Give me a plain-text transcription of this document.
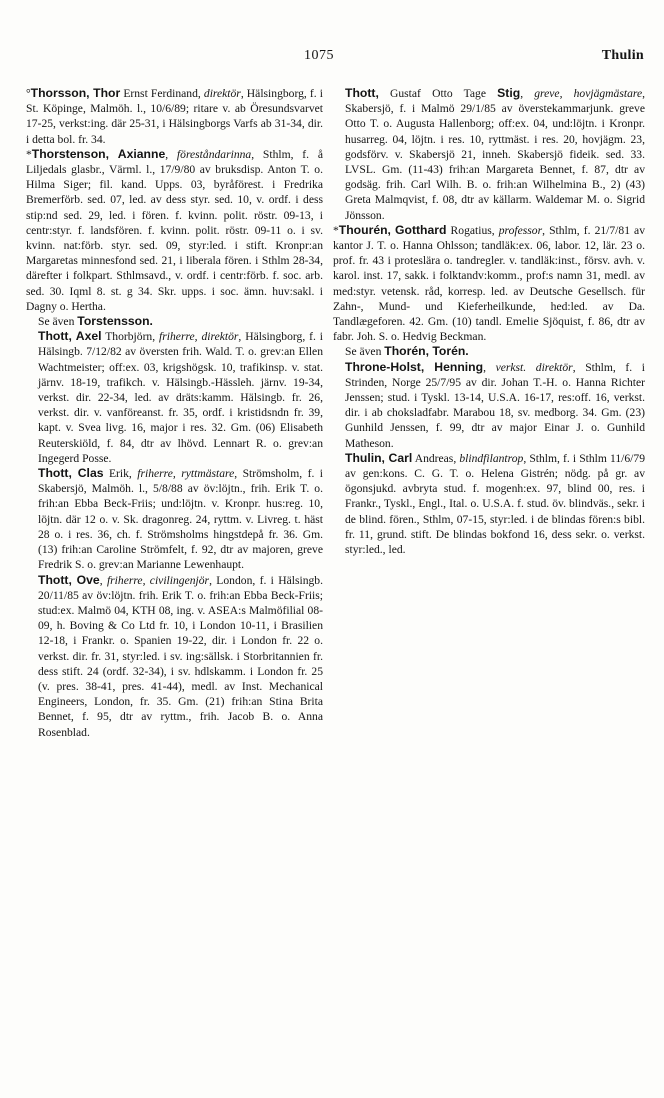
1075	Thulin

°Thorsson, Thor Ernst Ferdinand, direktör, Hälsingborg, f. i St. Köpinge, Malmöh. l., 10/6/89; ritare v. ab Öresundsvarvet 17-25, verkst:ing. där 25-31, i Hälsingborgs Varfs ab 31-34, dir. i detta bol. fr. 34.

*Thorstenson, Axianne, föreståndarinna, Sthlm, f. å Liljedals glasbr., Värml. l., 17/9/80 av bruksdisp. Anton T. o. Hilma Siger; fil. kand. Upps. 03, byråförest. i Fredrika Bremerförb. sed. 07, led. av dess styr. sed. 10, v. ordf. i dess stip:nd sed. 29, led. i fören. f. kvinn. polit. röstr. 09-13, i centr:styr. f. landsfören. f. kvinn. polit. röstr. 09-11 o. i sv. kvinn. nat:förb. styr. sed. 09, styr:led. i stift. Kronpr:an Margaretas minnesfond sed. 21, i liberala fören. i Sthlm 28-34, därefter i folkpart. Sthlmsavd., v. ordf. i centr:förb. f. soc. arb. sed. 30. Iqml 8. st. g 34. Skr. upps. i soc. ämn. huv:sakl. i Dagny o. Hertha.

Se även Torstensson.

Thott, Axel Thorbjörn, friherre, direktör, Hälsingborg, f. i Hälsingb. 7/12/82 av översten frih. Wald. T. o. grev:an Ellen Wachtmeister; off:ex. 03, krigshögsk. 10, trafikinsp. v. stat. järnv. 18-19, trafikch. v. Hälsingb.-Hässleh. järnv. 19-34, verkst. dir. 22-34, led. av dräts:kamm. Hälsingb. fr. 26, verkst. dir. v. vanföreanst. fr. 35, ordf. i kristidsndn fr. 39, kapt. v. Svea livg. 16, major i res. 32. Gm. (06) Elisabeth Reuterskiöld, f. 84, dtr av lhövd. Lennart R. o. grev:an Ingegerd Posse.

Thott, Clas Erik, friherre, ryttmästare, Strömsholm, f. i Skabersjö, Malmöh. l., 5/8/88 av öv:löjtn., frih. Erik T. o. frih:an Ebba Beck-Friis; und:löjtn. v. Kronpr. hus:reg. 10, löjtn. där 12 o. v. Sk. dragonreg. 24, ryttm. v. Livreg. t. häst 28 o. i res. 36, ch. f. Strömsholms hingstdepå fr. 36. Gm. (13) frih:an Caroline Strömfelt, f. 92, dtr av majoren, greve Fredrik S. o. grev:an Marianne Lewenhaupt.

Thott, Ove, friherre, civilingenjör, London, f. i Hälsingb. 20/11/85 av öv:löjtn. frih. Erik T. o. frih:an Ebba Beck-Friis; stud:ex. Malmö 04, KTH 08, ing. v. ASEA:s Malmöfilial 08-09, h. Boving & Co Ltd fr. 10, i London 10-11, i Brasilien 12-18, i Frankr. o. Spanien 19-22, dir. i London fr. 22 o. verkst. dir. fr. 31, styr:led. i sv. ing:sällsk. i Storbritannien fr. dess stift. 24 (ordf. 32-34), i sv. hdlskamm. i London fr. 25 (v. pres. 38-41, pres. 41-44), medl. av Inst. Mechanical Engineers, London, fr. 35. Gm. (21) frih:an Stina Brita Bennet, f. 95, dtr av ryttm., frih. Jacob B. o. Anna Rosenblad.

Thott, Gustaf Otto Tage Stig, greve, hovjägmästare, Skabersjö, f. i Malmö 29/1/85 av överstekammarjunk. greve Otto T. o. Augusta Hallenborg; off:ex. 04, und:löjtn. i Kronpr. husarreg. 04, löjtn. i res. 10, ryttmäst. i res. 20, hovjägm. 23, godsförv. v. Skabersjö 21, inneh. Skabersjö fideik. sed. 33. LVSL. Gm. (11-43) frih:an Margareta Bennet, f. 87, dtr av godsäg. frih. Carl Wilh. B. o. frih:an Wilhelmina B., 2) (43) Greta Malmqvist, f. 08, dtr av källarm. Waldemar M. o. Sigrid Jönsson.

*Thourén, Gotthard Rogatius, professor, Sthlm, f. 21/7/81 av kantor J. T. o. Hanna Ohlsson; tandläk:ex. 06, labor. 12, lär. 23 o. prof. fr. 43 i proteslära o. tandregler. v. tandläk:inst., försv. avh. v. karol. inst. 17, sakk. i folktandv:komm., prof:s namn 31, medl. av med:styr. vetensk. råd, korresp. led. av Deutsche Gesellsch. für Zahn-, Mund- und Kieferheilkunde, hed:led. av Da. Tandlægeforen. 42. Gm. (10) tandl. Emelie Sjöquist, f. 86, dtr av fabr. Joh. S. o. Hedvig Beckman.

Se även Thorén, Torén.

Throne-Holst, Henning, verkst. direktör, Sthlm, f. i Strinden, Norge 25/7/95 av dir. Johan T.-H. o. Hanna Richter Jenssen; stud. i Tyskl. 13-14, U.S.A. 16-17, res:off. 16, verkst. dir. i ab choksladfabr. Marabou 18, sv. medborg. 34. Gm. (23) Gunhild Jenssen, f. 99, dtr av major Einar J. o. Gunhild Matheson.

Thulin, Carl Andreas, blindfilantrop, Sthlm, f. i Sthlm 11/6/79 av gen:kons. C. G. T. o. Helena Gistrén; nödg. på gr. av ögonsjukd. avbryta stud. f. mogenh:ex. 97, blind 00, res. i Frankr., Tyskl., Engl., Ital. o. U.S.A. f. stud. öv. blindväs., sekr. i de blind. fören., Sthlm, 07-15, styr:led. i de blindas fören:s bibl. fr. 11, grund. stift. De blindas bokfond 16, dess sekr. o. verkst. styr:led., led.
